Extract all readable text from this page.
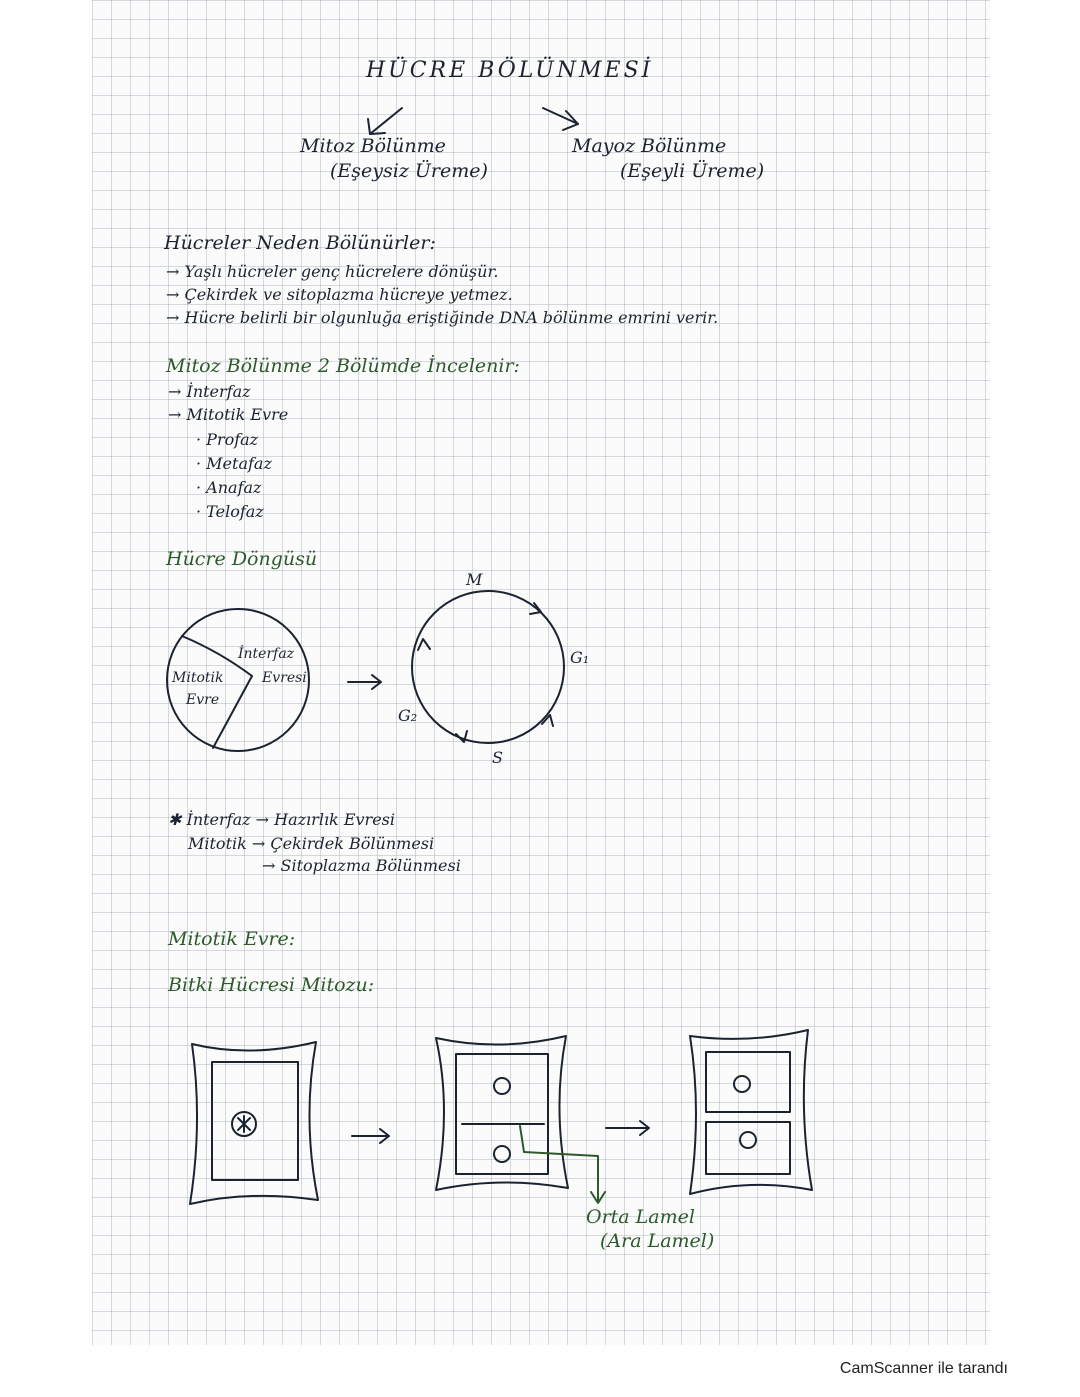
HÜCRE BÖLÜNMESİ
Mitoz Bölünme
(Eşeysiz Üreme)
Mayoz Bölünme
(Eşeyli Üreme)
Hücreler Neden Bölünürler:
→ Yaşlı hücreler genç hücrelere dönüşür.
→ Çekirdek ve sitoplazma hücreye yetmez.
→ Hücre belirli bir olgunluğa eriştiğinde DNA bölünme emrini verir.
Mitoz Bölünme 2 Bölümde İncelenir:
→ İnterfaz
→ Mitotik Evre
· Profaz
· Metafaz
· Anafaz
· Telofaz
Hücre Döngüsü
Mitotik
Evre
İnterfaz
Evresi
M
G₁
G₂
S
✱ İnterfaz → Hazırlık Evresi
Mitotik → Çekirdek Bölünmesi
→ Sitoplazma Bölünmesi
Mitotik Evre:
Bitki Hücresi Mitozu:
Orta Lamel
(Ara Lamel)
CamScanner ile tarandı
